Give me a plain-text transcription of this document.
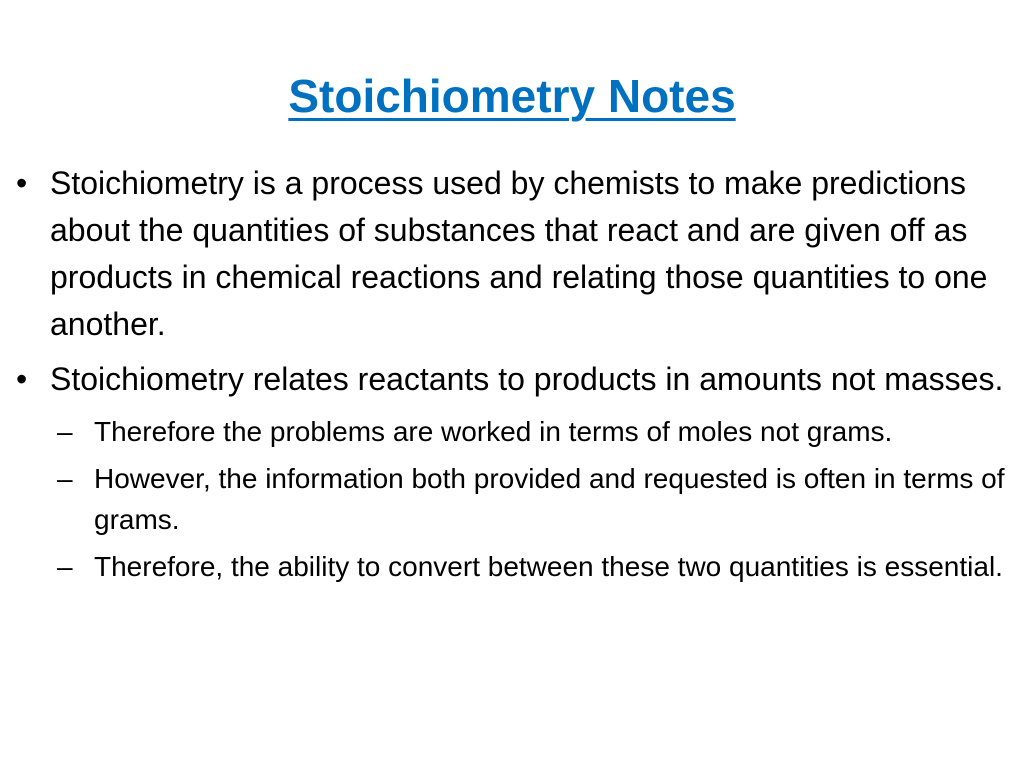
Stoichiometry Notes
• Stoichiometry is a process used by chemists to make predictions about the quantities of substances that react and are given off as products in chemical reactions and relating those quantities to one another.
• Stoichiometry relates reactants to products in amounts not masses.
– Therefore the problems are worked in terms of moles not grams.
– However, the information both provided and requested is often in terms of grams.
– Therefore, the ability to convert between these two quantities is essential.
